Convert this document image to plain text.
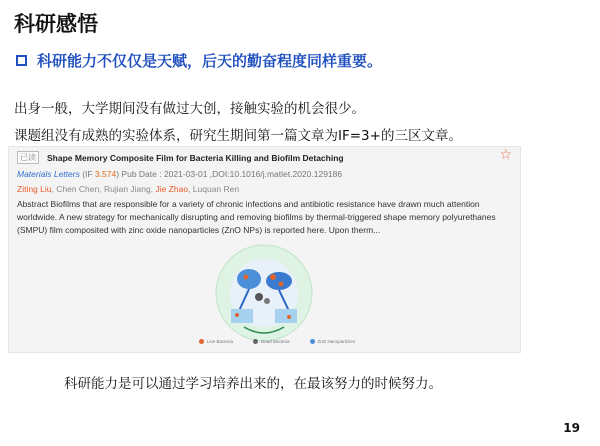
科研感悟
科研能力不仅仅是天赋，后天的勤奋程度同样重要。
出身一般，大学期间没有做过大创，接触实验的机会很少。
课题组没有成熟的实验体系，研究生期间第一篇文章为IF=3+的三区文章。
已读	Shape Memory Composite Film for Bacteria Killing and Biofilm Detaching	☆
Materials Letters (IF 3.574) Pub Date : 2021-03-01 ,DOI:10.1016/j.matlet.2020.129186
Ziting Liu, Chen Chen, Rujian Jiang, Jie Zhao, Luquan Ren
Abstract Biofilms that are responsible for a variety of chronic infections and antibiotic resistance have drawn much attention worldwide. A new strategy for mechanically disrupting and removing biofilms by thermal-triggered shape memory polyurethanes (SMPU) film composited with zinc oxide nanoparticles (ZnO NPs) is reported here. Upon therm...
Live Bacteria	Dead Bacteria	ZnO Nanoparticles
科研能力是可以通过学习培养出来的，在最该努力的时候努力。
19
